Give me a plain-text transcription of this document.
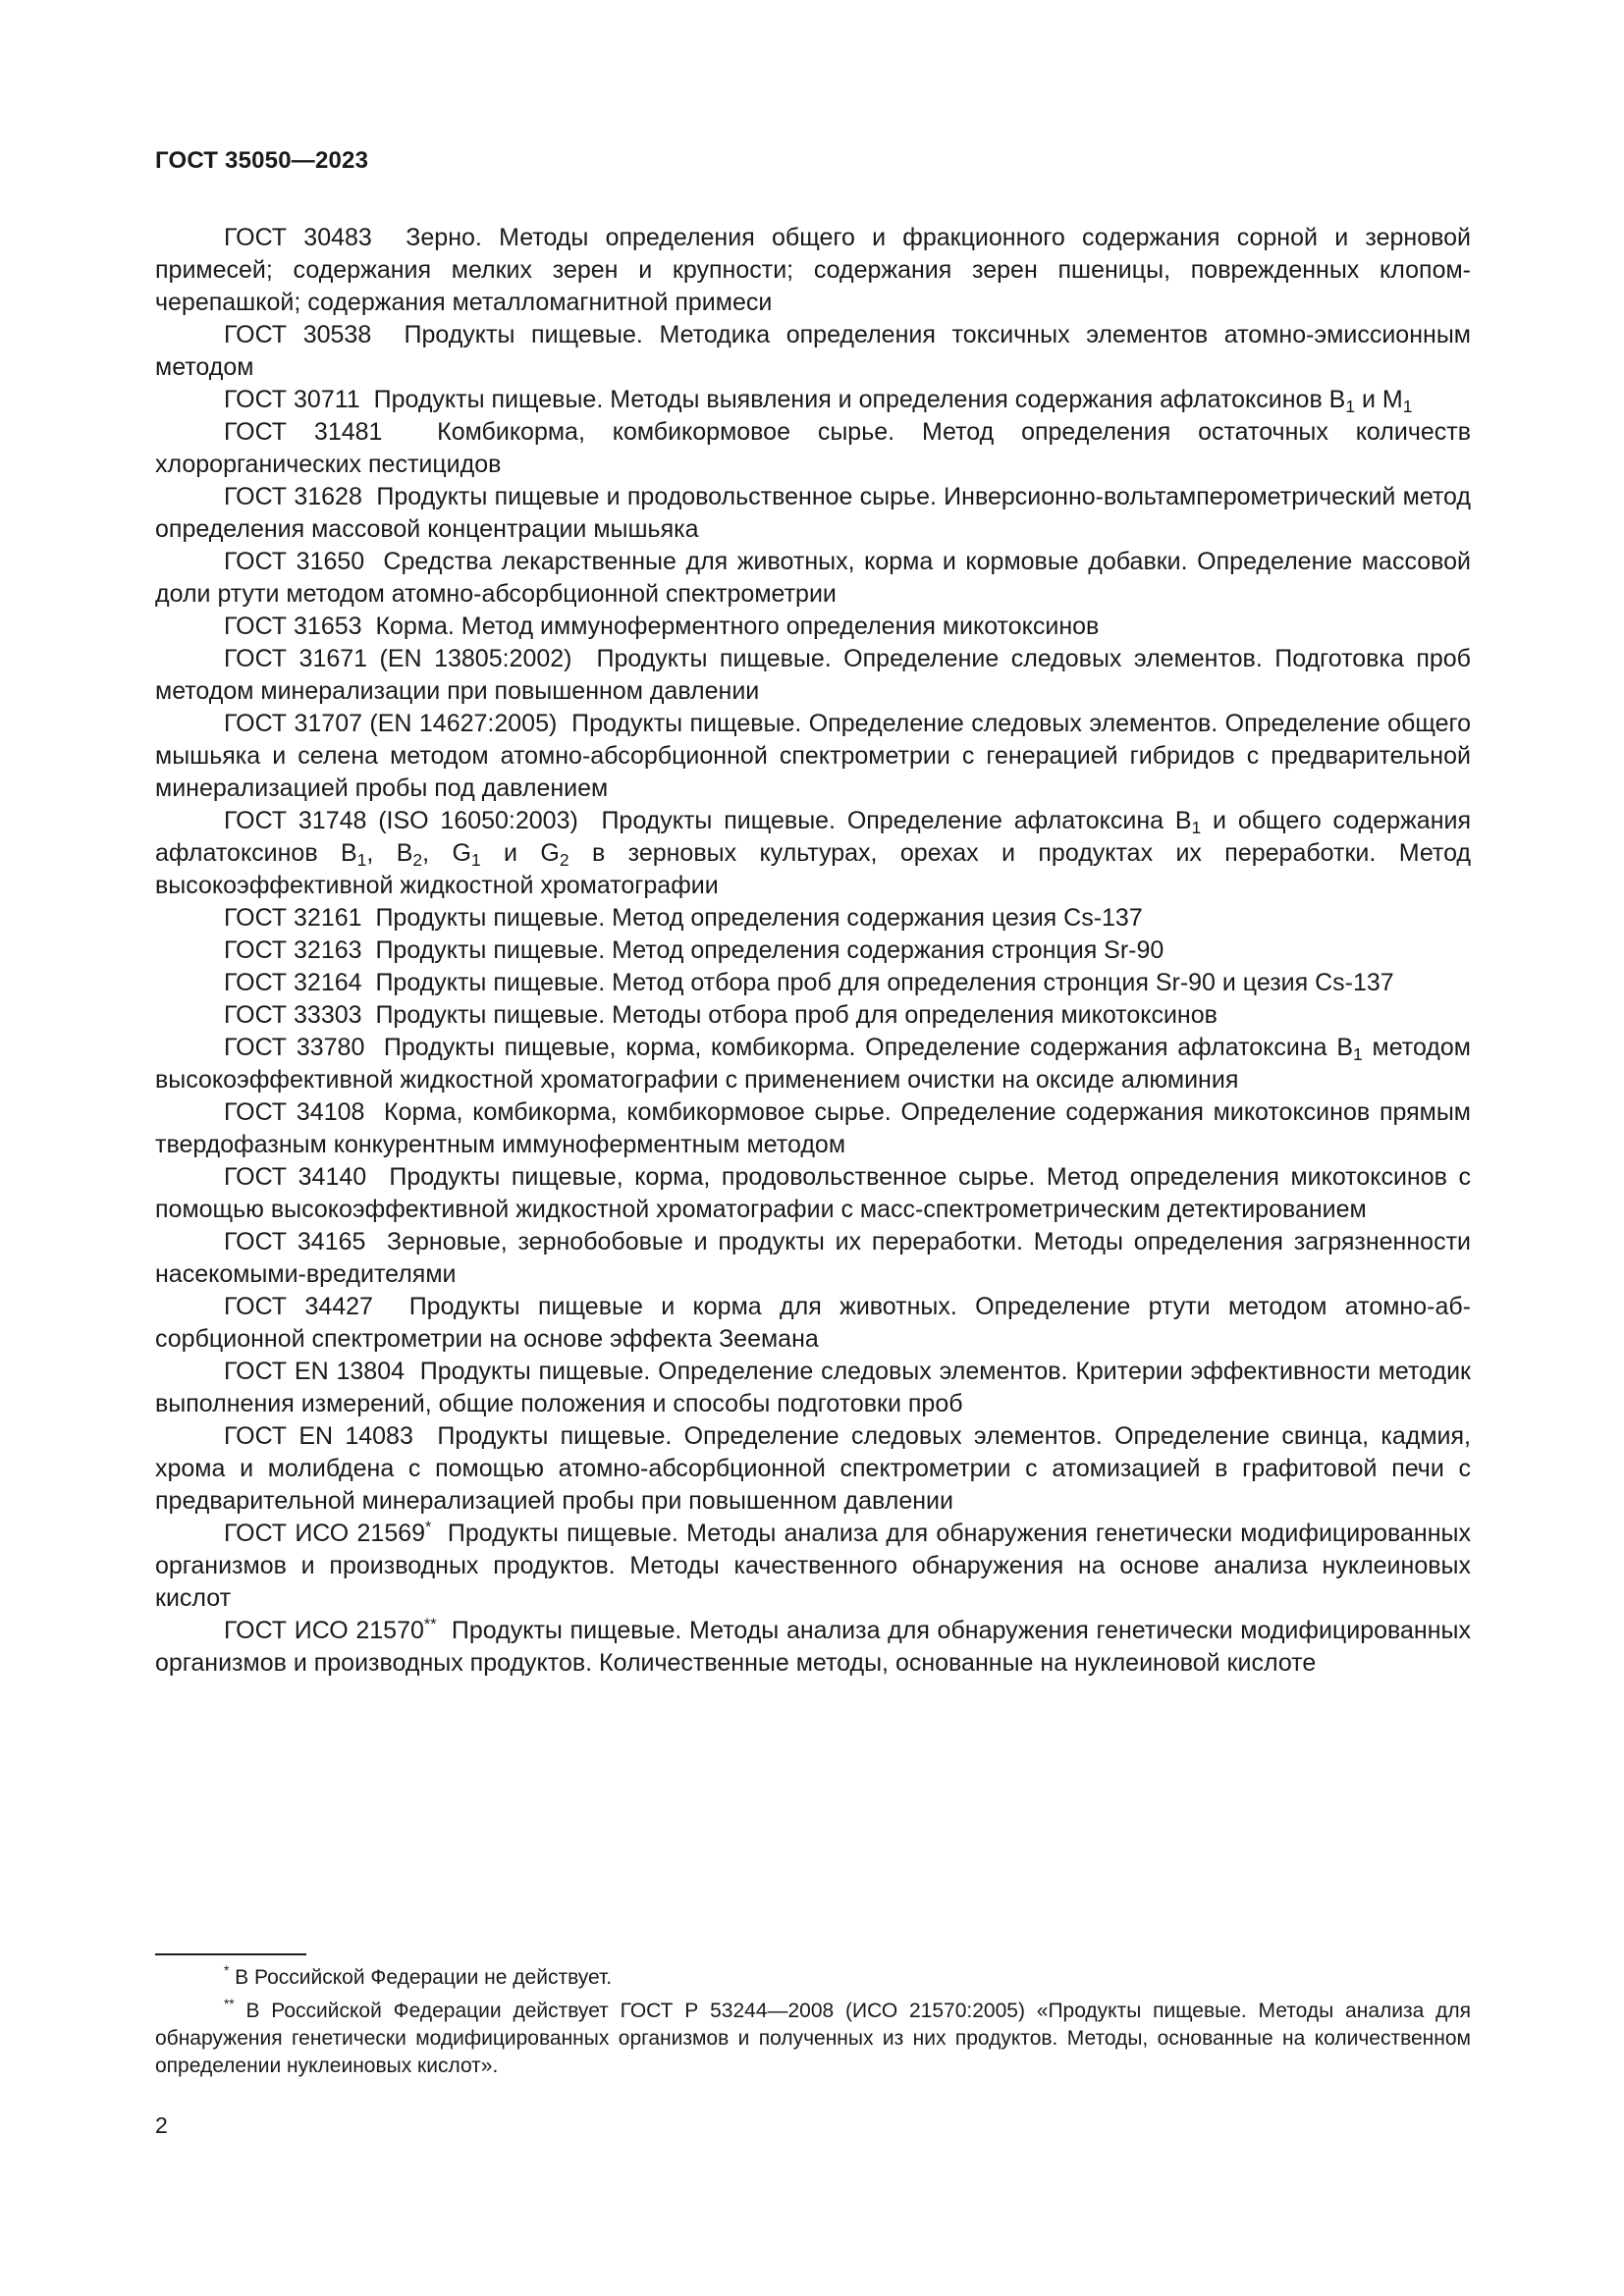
ГОСТ 35050—2023

ГОСТ 30483 Зерно. Методы определения общего и фракционного содержания сорной и зерновой примесей; содержания мелких зерен и крупности; содержания зерен пшеницы, поврежденных клопом-черепашкой; содержания металломагнитной примеси

ГОСТ 30538 Продукты пищевые. Методика определения токсичных элементов атомно-эмиссионным методом

ГОСТ 30711 Продукты пищевые. Методы выявления и определения содержания афлатоксинов $B_1$ и $M_1$

ГОСТ 31481 Комбикорма, комбикормовое сырье. Метод определения остаточных количеств хлорорганических пестицидов

ГОСТ 31628 Продукты пищевые и продовольственное сырье. Инверсионно-вольтамперометрический метод определения массовой концентрации мышьяка

ГОСТ 31650 Средства лекарственные для животных, корма и кормовые добавки. Определение массовой доли ртути методом атомно-абсорбционной спектрометрии

ГОСТ 31653 Корма. Метод иммуноферментного определения микотоксинов

ГОСТ 31671 (EN 13805:2002) Продукты пищевые. Определение следовых элементов. Подготовка проб методом минерализации при повышенном давлении

ГОСТ 31707 (EN 14627:2005) Продукты пищевые. Определение следовых элементов. Определение общего мышьяка и селена методом атомно-абсорбционной спектрометрии с генерацией гибридов с предварительной минерализацией пробы под давлением

ГОСТ 31748 (ISO 16050:2003) Продукты пищевые. Определение афлатоксина $B_1$ и общего содержания афлатоксинов $B_1$, $B_2$, $G_1$ и $G_2$ в зерновых культурах, орехах и продуктах их переработки. Метод высокоэффективной жидкостной хроматографии

ГОСТ 32161 Продукты пищевые. Метод определения содержания цезия Cs-137

ГОСТ 32163 Продукты пищевые. Метод определения содержания стронция Sr-90

ГОСТ 32164 Продукты пищевые. Метод отбора проб для определения стронция Sr-90 и цезия Cs-137

ГОСТ 33303 Продукты пищевые. Методы отбора проб для определения микотоксинов

ГОСТ 33780 Продукты пищевые, корма, комбикорма. Определение содержания афлатоксина $B_1$ методом высокоэффективной жидкостной хроматографии с применением очистки на оксиде алюминия

ГОСТ 34108 Корма, комбикорма, комбикормовое сырье. Определение содержания микотоксинов прямым твердофазным конкурентным иммуноферментным методом

ГОСТ 34140 Продукты пищевые, корма, продовольственное сырье. Метод определения микотоксинов с помощью высокоэффективной жидкостной хроматографии с масс-спектрометрическим детектированием

ГОСТ 34165 Зерновые, зернобобовые и продукты их переработки. Методы определения загрязненности насекомыми-вредителями

ГОСТ 34427 Продукты пищевые и корма для животных. Определение ртути методом атомно-абсорбционной спектрометрии на основе эффекта Зеемана

ГОСТ EN 13804 Продукты пищевые. Определение следовых элементов. Критерии эффективности методик выполнения измерений, общие положения и способы подготовки проб

ГОСТ EN 14083 Продукты пищевые. Определение следовых элементов. Определение свинца, кадмия, хрома и молибдена с помощью атомно-абсорбционной спектрометрии с атомизацией в графитовой печи с предварительной минерализацией пробы при повышенном давлении

ГОСТ ИСО 21569* Продукты пищевые. Методы анализа для обнаружения генетически модифицированных организмов и производных продуктов. Методы качественного обнаружения на основе анализа нуклеиновых кислот

ГОСТ ИСО 21570** Продукты пищевые. Методы анализа для обнаружения генетически модифицированных организмов и производных продуктов. Количественные методы, основанные на нуклеиновой кислоте

* В Российской Федерации не действует.

** В Российской Федерации действует ГОСТ Р 53244—2008 (ИСО 21570:2005) «Продукты пищевые. Методы анализа для обнаружения генетически модифицированных организмов и полученных из них продуктов. Методы, основанные на количественном определении нуклеиновых кислот».

2
